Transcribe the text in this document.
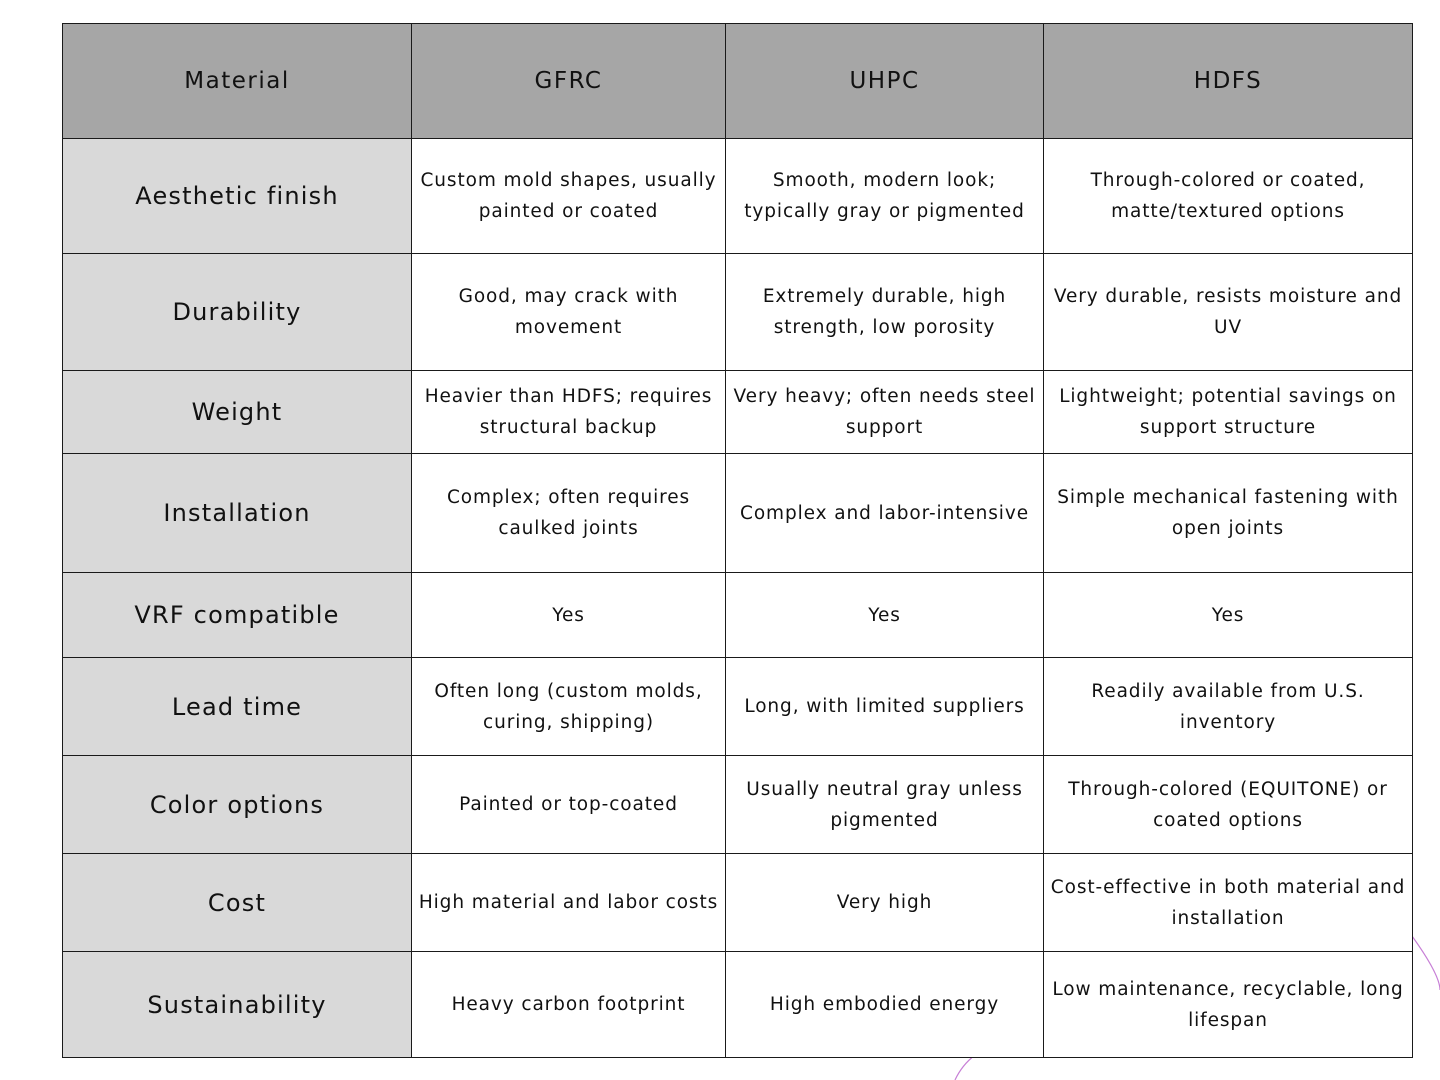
Material	GFRC	UHPC	HDFS
Aesthetic finish	Custom mold shapes, usually painted or coated	Smooth, modern look; typically gray or pigmented	Through-colored or coated, matte/textured options
Durability	Good, may crack with movement	Extremely durable, high strength, low porosity	Very durable, resists moisture and UV
Weight	Heavier than HDFS; requires structural backup	Very heavy; often needs steel support	Lightweight; potential savings on support structure
Installation	Complex; often requires caulked joints	Complex and labor-intensive	Simple mechanical fastening with open joints
VRF compatible	Yes	Yes	Yes
Lead time	Often long (custom molds, curing, shipping)	Long, with limited suppliers	Readily available from U.S. inventory
Color options	Painted or top-coated	Usually neutral gray unless pigmented	Through-colored (EQUITONE) or coated options
Cost	High material and labor costs	Very high	Cost-effective in both material and installation
Sustainability	Heavy carbon footprint	High embodied energy	Low maintenance, recyclable, long lifespan
